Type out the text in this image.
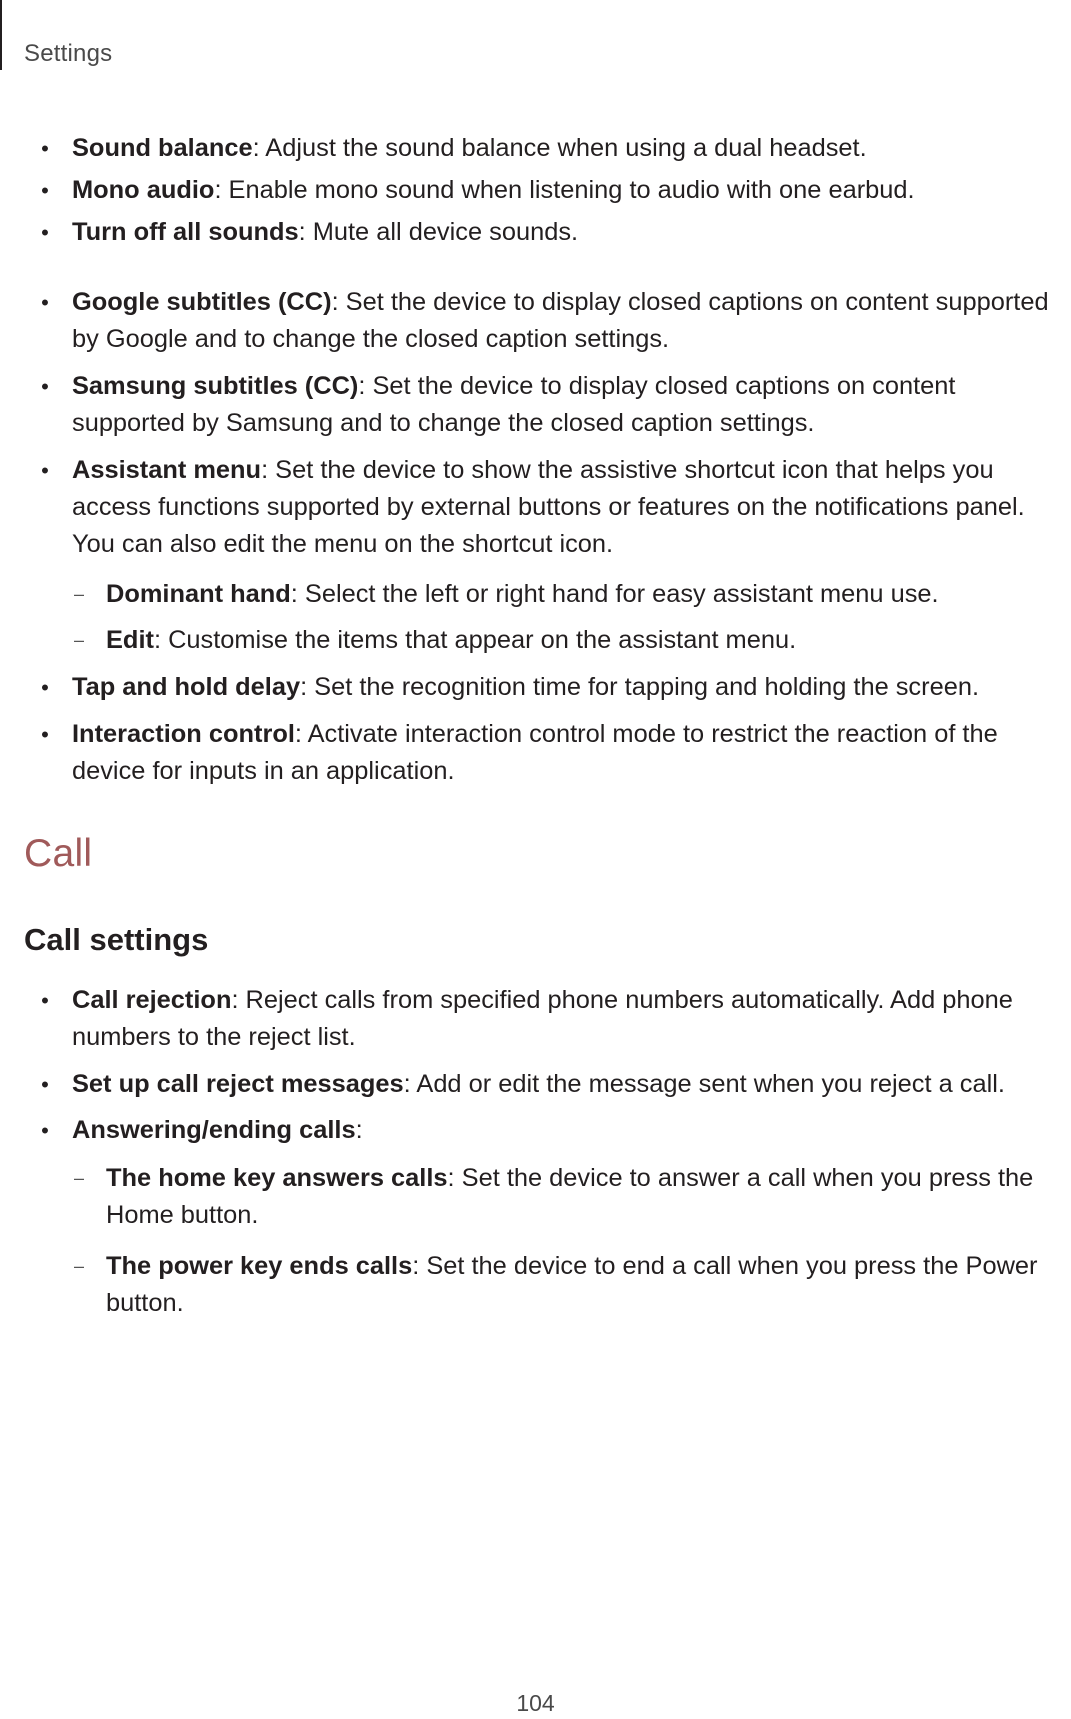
Settings
• Sound balance: Adjust the sound balance when using a dual headset.
• Mono audio: Enable mono sound when listening to audio with one earbud.
• Turn off all sounds: Mute all device sounds.
• Google subtitles (CC): Set the device to display closed captions on content supported by Google and to change the closed caption settings.
• Samsung subtitles (CC): Set the device to display closed captions on content supported by Samsung and to change the closed caption settings.
• Assistant menu: Set the device to show the assistive shortcut icon that helps you access functions supported by external buttons or features on the notifications panel. You can also edit the menu on the shortcut icon.
– Dominant hand: Select the left or right hand for easy assistant menu use.
– Edit: Customise the items that appear on the assistant menu.
• Tap and hold delay: Set the recognition time for tapping and holding the screen.
• Interaction control: Activate interaction control mode to restrict the reaction of the device for inputs in an application.
Call
Call settings
• Call rejection: Reject calls from specified phone numbers automatically. Add phone numbers to the reject list.
• Set up call reject messages: Add or edit the message sent when you reject a call.
• Answering/ending calls:
– The home key answers calls: Set the device to answer a call when you press the Home button.
– The power key ends calls: Set the device to end a call when you press the Power button.
104
